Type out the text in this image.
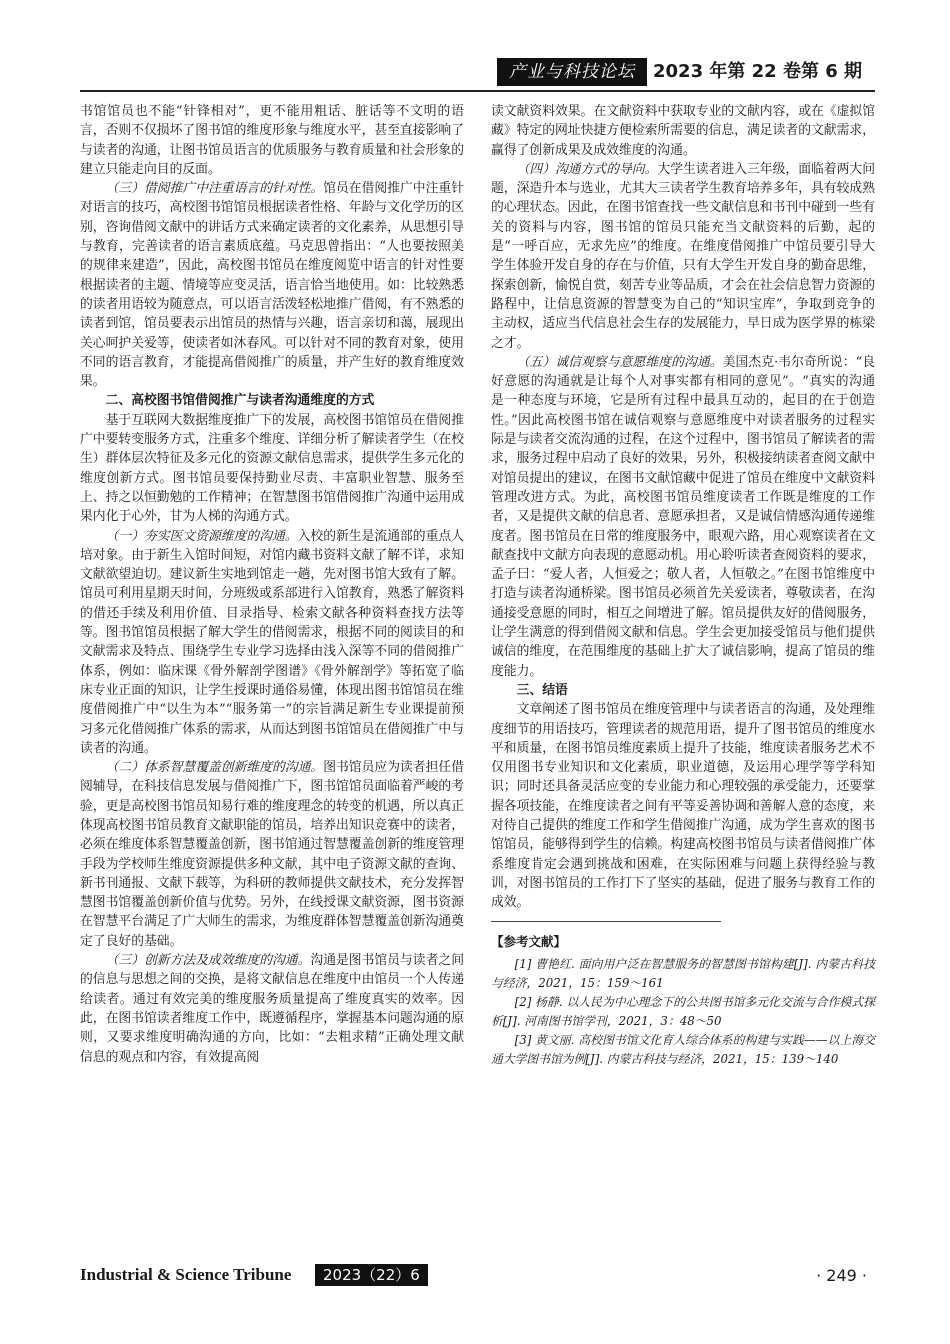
产业与科技论坛	2023 年第 22 卷第 6 期

书馆馆员也不能“针锋相对”，更不能用粗话、脏话等不文明的语言，否则不仅损坏了图书馆的维度形象与维度水平，甚至直接影响了与读者的沟通，让图书馆员语言的优质服务与教育质量和社会形象的建立只能走向目的反面。

（三）借阅推广中注重语言的针对性。馆员在借阅推广中注重针对语言的技巧，高校图书馆馆员根据读者性格、年龄与文化学历的区别，咨询借阅文献中的讲话方式来确定读者的文化素养，从思想引导与教育，完善读者的语言素质底蕴。马克思曾指出：“人也要按照美的规律来建造”，因此，高校图书馆员在维度阅览中语言的针对性要根据读者的主题、情境等应变灵活，语言恰当地使用。如：比较熟悉的读者用语较为随意点，可以语言活泼轻松地推广借阅，有不熟悉的读者到馆，馆员要表示出馆员的热情与兴趣，语言亲切和蔼，展现出关心呵护关爱等，使读者如沐春风。可以针对不同的教育对象，使用不同的语言教育，才能提高借阅推广的质量，并产生好的教育维度效果。

二、高校图书馆借阅推广与读者沟通维度的方式

基于互联网大数据维度推广下的发展，高校图书馆馆员在借阅推广中要转变服务方式，注重多个维度、详细分析了解读者学生（在校生）群体层次特征及多元化的资源文献信息需求，提供学生多元化的维度创新方式。图书馆员要保持勤业尽责、丰富职业智慧、服务至上、持之以恒勤勉的工作精神；在智慧图书馆借阅推广沟通中运用成果内化于心外，甘为人梯的沟通方式。

（一）夯实医文资源维度的沟通。入校的新生是流通部的重点人培对象。由于新生入馆时间短，对馆内藏书资料文献了解不详，求知文献欲望迫切。建议新生实地到馆走一趟，先对图书馆大致有了解。馆员可利用星期天时间，分班级或系部进行入馆教育，熟悉了解资料的借还手续及利用价值、目录指导、检索文献各种资料查找方法等等。图书馆馆员根据了解大学生的借阅需求，根据不同的阅读目的和文献需求及特点、围绕学生专业学习选择由浅入深等不同的借阅推广体系，例如：临床课《骨外解剖学图谱》《骨外解剖学》等拓宽了临床专业正面的知识，让学生授课时通俗易懂，体现出图书馆馆员在维度借阅推广中“以生为本”“服务第一”的宗旨满足新生专业课提前预习多元化借阅推广体系的需求，从而达到图书馆馆员在借阅推广中与读者的沟通。

（二）体系智慧覆盖创新维度的沟通。图书馆员应为读者担任借阅辅导，在科技信息发展与借阅推广下，图书馆馆员面临着严峻的考验，更是高校图书馆员知易行难的维度理念的转变的机遇，所以真正体现高校图书馆员教育文献职能的馆员，培养出知识竞赛中的读者，必须在维度体系智慧覆盖创新，图书馆通过智慧覆盖创新的维度管理手段为学校师生维度资源提供多种文献，其中电子资源文献的查询、新书刊通报、文献下载等，为科研的教师提供文献技术，充分发挥智慧图书馆覆盖创新价值与优势。另外，在线授课文献资源，图书资源在智慧平台满足了广大师生的需求，为维度群体智慧覆盖创新沟通奠定了良好的基础。

（三）创新方法及成效维度的沟通。沟通是图书馆员与读者之间的信息与思想之间的交换，是将文献信息在维度中由馆员一个人传递给读者。通过有效完美的维度服务质量提高了维度真实的效率。因此，在图书馆读者维度工作中，既遵循程序，掌握基本问题沟通的原则，又要求维度明确沟通的方向，比如：“去粗求精”正确处理文献信息的观点和内容，有效提高阅

读文献资料效果。在文献资料中获取专业的文献内容，或在《虚拟馆藏》特定的网址快捷方便检索所需要的信息，满足读者的文献需求，赢得了创新成果及成效维度的沟通。

（四）沟通方式的导向。大学生读者进入三年级，面临着两大问题，深造升本与选业，尤其大三读者学生教育培养多年，具有较成熟的心理状态。因此，在图书馆查找一些文献信息和书刊中碰到一些有关的资料与内容，图书馆的馆员只能充当文献资料的后勤，起的是“一呼百应，无求先应”的维度。在维度借阅推广中馆员要引导大学生体验开发自身的存在与价值，只有大学生开发自身的勤奋思维，探索创新，愉悦自赏，刻苦专业等品质，才会在社会信息智力资源的路程中，让信息资源的智慧变为自己的“知识宝库”，争取到竞争的主动权，适应当代信息社会生存的发展能力，早日成为医学界的栋梁之才。

（五）诚信观察与意愿维度的沟通。美国杰克·韦尔奇所说：“良好意愿的沟通就是让每个人对事实都有相同的意见”。“真实的沟通是一种态度与环境，它是所有过程中最具互动的，起目的在于创造性。”因此高校图书馆在诚信观察与意愿维度中对读者服务的过程实际是与读者交流沟通的过程，在这个过程中，图书馆员了解读者的需求，服务过程中启动了良好的效果，另外，积极接纳读者查阅文献中对馆员提出的建议，在图书文献馆藏中促进了馆员在维度中文献资料管理改进方式。为此，高校图书馆员维度读者工作既是维度的工作者，又是提供文献的信息者、意愿承担者，又是诚信情感沟通传递维度者。图书馆员在日常的维度服务中，眼观六路，用心观察读者在文献查找中文献方向表现的意愿动机。用心聆听读者查阅资料的要求，孟子曰：“爱人者，人恒爱之；敬人者，人恒敬之。”在图书馆维度中打造与读者沟通桥梁。图书馆员必须首先关爱读者，尊敬读者，在沟通接受意愿的同时，相互之间增进了解。馆员提供友好的借阅服务，让学生满意的得到借阅文献和信息。学生会更加接受馆员与他们提供诚信的维度，在范围维度的基础上扩大了诚信影响，提高了馆员的维度能力。

三、结语

文章阐述了图书馆员在维度管理中与读者语言的沟通，及处理维度细节的用语技巧，管理读者的规范用语，提升了图书馆员的维度水平和质量，在图书馆员维度素质上提升了技能，维度读者服务艺术不仅用图书专业知识和文化素质，职业道德，及运用心理学等学科知识；同时还具备灵活应变的专业能力和心理较强的承受能力，还要掌握各项技能，在维度读者之间有平等妥善协调和善解人意的态度，来对待自己提供的维度工作和学生借阅推广沟通，成为学生喜欢的图书馆馆员，能够得到学生的信赖。构建高校图书馆员与读者借阅推广体系维度肯定会遇到挑战和困难，在实际困难与问题上获得经验与教训，对图书馆员的工作打下了坚实的基础，促进了服务与教育工作的成效。

【参考文献】

[1] 曹艳红. 面向用户泛在智慧服务的智慧图书馆构建[J]. 内蒙古科技与经济，2021，15：159～161

[2] 杨静. 以人民为中心理念下的公共图书馆多元化交流与合作模式探析[J]. 河南图书馆学刊，2021，3：48～50

[3] 黄文丽. 高校图书馆文化育人综合体系的构建与实践——以上海交通大学图书馆为例[J]. 内蒙古科技与经济，2021，15：139～140

Industrial & Science Tribune	2023（22）6	· 249 ·
